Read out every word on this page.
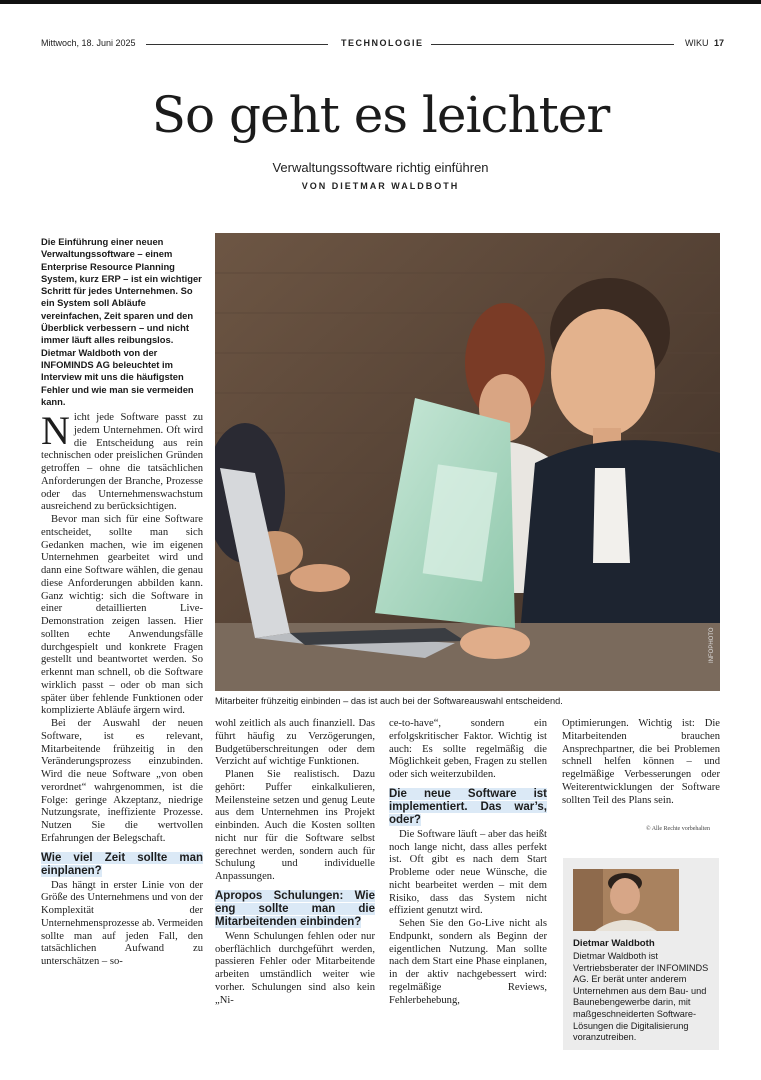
Mittwoch, 18. Juni 2025	TECHNOLOGIE	WIKU 17
So geht es leichter
Verwaltungssoftware richtig einführen
VON DIETMAR WALDBOTH
Die Einführung einer neuen Verwaltungssoftware – einem Enterprise Resource Planning System, kurz ERP – ist ein wichtiger Schritt für jedes Unternehmen. So ein System soll Abläufe vereinfachen, Zeit sparen und den Überblick verbessern – und nicht immer läuft alles reibungslos. Dietmar Waldboth von der INFOMINDS AG beleuchtet im Interview mit uns die häufigsten Fehler und wie man sie vermeiden kann.

Nicht jede Software passt zu jedem Unternehmen. Oft wird die Entscheidung aus rein technischen oder preislichen Gründen getroffen – ohne die tatsächlichen Anforderungen der Branche, Prozesse oder das Unternehmenswachstum ausreichend zu berücksichtigen.

Bevor man sich für eine Software entscheidet, sollte man sich Gedanken machen, wie im eigenen Unternehmen gearbeitet wird und dann eine Software wählen, die genau diese Anforderungen abbilden kann. Ganz wichtig: sich die Software in einer detaillierten Live-Demonstration zeigen lassen. Hier sollten echte Anwendungsfälle durchgespielt und konkrete Fragen gestellt und beantwortet werden. So erkennt man schnell, ob die Software wirklich passt – oder ob man sich später über fehlende Funktionen oder komplizierte Abläufe ärgern wird.

Bei der Auswahl der neuen Software, ist es relevant, Mitarbeitende frühzeitig in den Veränderungsprozess einzubinden. Wird die neue Software „von oben verordnet“ wahrgenommen, ist die Folge: geringe Akzeptanz, niedrige Nutzungsrate, ineffiziente Prozesse. Nutzen Sie die wertvollen Erfahrungen der Belegschaft.

Wie viel Zeit sollte man einplanen?

Das hängt in erster Linie von der Größe des Unternehmens und von der Komplexität der Unternehmensprozesse ab. Vermeiden sollte man auf jeden Fall, den tatsächlichen Aufwand zu unterschätzen – so-

INFOPHOTO
Mitarbeiter frühzeitig einbinden – das ist auch bei der Softwareauswahl entscheidend.

wohl zeitlich als auch finanziell. Das führt häufig zu Verzögerungen, Budgetüberschreitungen oder dem Verzicht auf wichtige Funktionen.

Planen Sie realistisch. Dazu gehört: Puffer einkalkulieren, Meilensteine setzen und genug Leute aus dem Unternehmen ins Projekt einbinden. Auch die Kosten sollten nicht nur für die Software selbst gerechnet werden, sondern auch für Schulung und individuelle Anpassungen.

Apropos Schulungen: Wie eng sollte man die Mitarbeitenden einbinden?

Wenn Schulungen fehlen oder nur oberflächlich durchgeführt werden, passieren Fehler oder Mitarbeitende arbeiten umständlich weiter wie vorher. Schulungen sind also kein „Ni-

ce-to-have“, sondern ein erfolgskritischer Faktor. Wichtig ist auch: Es sollte regelmäßig die Möglichkeit geben, Fragen zu stellen oder sich weiterzubilden.

Die neue Software ist implementiert. Das war’s, oder?

Die Software läuft – aber das heißt noch lange nicht, dass alles perfekt ist. Oft gibt es nach dem Start Probleme oder neue Wünsche, die nicht bearbeitet werden – mit dem Risiko, dass das System nicht effizient genutzt wird.

Sehen Sie den Go-Live nicht als Endpunkt, sondern als Beginn der eigentlichen Nutzung. Man sollte nach dem Start eine Phase einplanen, in der aktiv nachgebessert wird: regelmäßige Reviews, Fehlerbehebung,

Optimierungen. Wichtig ist: Die Mitarbeitenden brauchen Ansprechpartner, die bei Problemen schnell helfen können – und regelmäßige Verbesserungen oder Weiterentwicklungen der Software sollten Teil des Plans sein.

© Alle Rechte vorbehalten
Dietmar Waldboth
Dietmar Waldboth ist Vertriebsberater der INFOMINDS AG. Er berät unter anderem Unternehmen aus dem Bau- und Baunebengewerbe darin, mit maßgeschneiderten Software-Lösungen die Digitalisierung voranzutreiben.
